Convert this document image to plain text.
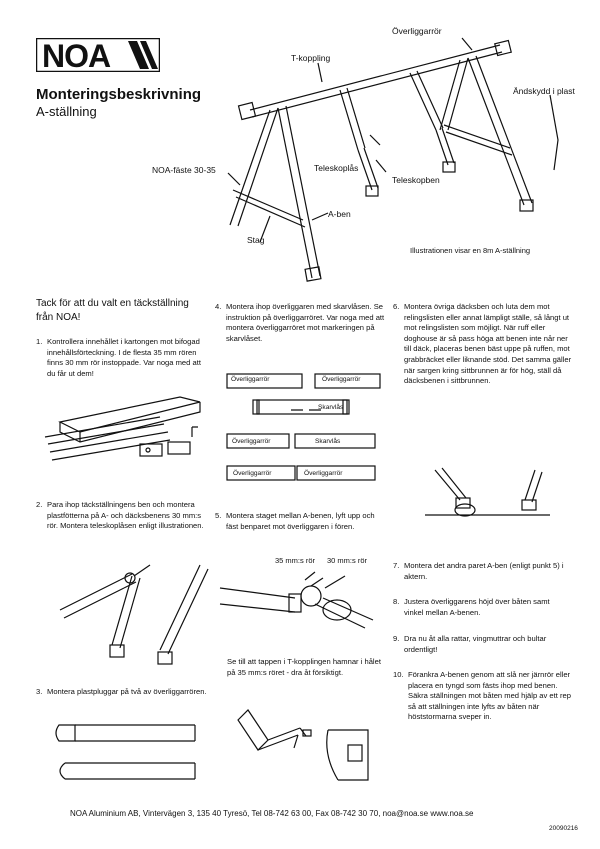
NOA
Monteringsbeskrivning
A-ställning
Överliggarrör
T-koppling
Ändskydd i plast
NOA-fäste 30-35	Teleskoplås
Teleskopben
A-ben
Stag
Illustrationen visar en 8m A-ställning
Tack för att du valt en täckställning från NOA!
1. Kontrollera innehållet i kartongen mot bifogad innehållsförteckning. I de flesta 35 mm rören finns 30 mm rör instoppade. Var noga med att du får ut dem!
2. Para ihop täckställningens ben och montera plastfötterna på A- och däcksbenens 30 mm:s rör. Montera teleskoplåsen enligt illustrationen.
3. Montera plastpluggar på två av överliggarrören.
4. Montera ihop överliggaren med skarvlåsen. Se instruktion på överliggarröret. Var noga med att montera överliggarröret mot markeringen på skarvlåset.
Överliggarrör	Överliggarrör
Skarvlås
Överliggarrör	Skarvlås
Överliggarrör	Överliggarrör
5. Montera staget mellan A-benen, lyft upp och fäst benparet mot överliggaren i fören.
35 mm:s rör 30 mm:s rör
Se till att tappen i T-kopplingen hamnar i hålet på 35 mm:s röret - dra åt försiktigt.
6. Montera övriga däcksben och luta dem mot relingslisten eller annat lämpligt ställe, så långt ut mot relingslisten som möjligt. När ruff eller doghouse är så pass höga att benen inte når ner till däck, placeras benen bäst uppe på ruffen, mot grabbräcket eller liknande stöd. Det samma gäller när sargen kring sittbrunnen är för hög, ställ då däcksbenen i sittbrunnen.
7. Montera det andra paret A-ben (enligt punkt 5) i aktern.
8. Justera överliggarens höjd över båten samt vinkel mellan A-benen.
9. Dra nu åt alla rattar, vingmuttrar och bultar ordentligt!
10. Förankra A-benen genom att slå ner järnrör eller placera en tyngd som fästs ihop med benen. Säkra ställningen mot båten med hjälp av ett rep så att ställningen inte lyfts av båten när höststormarna sveper in.
NOA Aluminium AB, Vintervägen 3, 135 40 Tyresö, Tel 08-742 63 00, Fax 08-742 30 70, noa@noa.se www.noa.se
20090216
